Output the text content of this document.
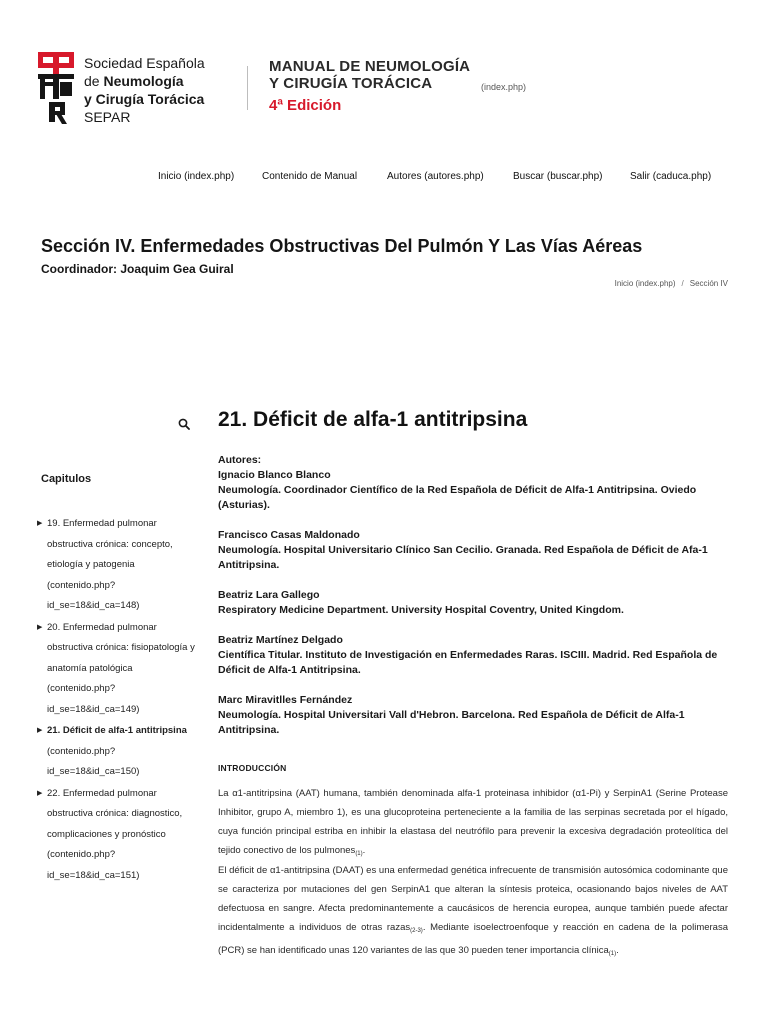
Sociedad Española
de Neumología
y Cirugía Torácica
SEPAR
MANUAL DE NEUMOLOGÍA
Y CIRUGÍA TORÁCICA
4ª Edición
(index.php)
Inicio (index.php)	Contenido de Manual	Autores (autores.php)	Buscar (buscar.php)	Salir (caduca.php)
Sección IV. Enfermedades Obstructivas Del Pulmón Y Las Vías Aéreas
Coordinador: Joaquim Gea Guiral
Inicio (index.php) / Sección IV
Capitulos
▶ 19. Enfermedad pulmonar obstructiva crónica: concepto, etiología y patogenia (contenido.php?id_se=18&id_ca=148)
▶ 20. Enfermedad pulmonar obstructiva crónica: fisiopatología y anatomía patológica (contenido.php?id_se=18&id_ca=149)
▶ 21. Déficit de alfa-1 antitripsina (contenido.php?id_se=18&id_ca=150)
▶ 22. Enfermedad pulmonar obstructiva crónica: diagnostico, complicaciones y pronóstico (contenido.php?id_se=18&id_ca=151)
21. Déficit de alfa-1 antitripsina
Autores:
Ignacio Blanco Blanco
Neumología. Coordinador Científico de la Red Española de Déficit de Alfa-1 Antitripsina. Oviedo (Asturias).
Francisco Casas Maldonado
Neumología. Hospital Universitario Clínico San Cecilio. Granada. Red Española de Déficit de Afa-1 Antitripsina.
Beatriz Lara Gallego
Respiratory Medicine Department. University Hospital Coventry, United Kingdom.
Beatriz Martínez Delgado
Científica Titular. Instituto de Investigación en Enfermedades Raras. ISCIII. Madrid. Red Española de Déficit de Alfa-1 Antitripsina.
Marc Miravitlles Fernández
Neumología. Hospital Universitari Vall d'Hebron. Barcelona. Red Española de Déficit de Alfa-1 Antitripsina.
INTRODUCCIÓN

La α1-antitripsina (AAT) humana, también denominada alfa-1 proteinasa inhibidor (α1-Pi) y SerpinA1 (Serine Protease Inhibitor, grupo A, miembro 1), es una glucoproteina perteneciente a la familia de las serpinas secretada por el hígado, cuya función principal estriba en inhibir la elastasa del neutrófilo para prevenir la excesiva degradación proteolítica del tejido conectivo de los pulmones$_{(1)}$.

El déficit de α1-antitripsina (DAAT) es una enfermedad genética infrecuente de transmisión autosómica codominante que se caracteriza por mutaciones del gen SerpinA1 que alteran la síntesis proteica, ocasionando bajos niveles de AAT defectuosa en sangre. Afecta predominantemente a caucásicos de herencia europea, aunque también puede afectar incidentalmente a individuos de otras razas$_{(2-3)}$. Mediante isoelectroenfoque y reacción en cadena de la polimerasa (PCR) se han identificado unas 120 variantes de las que 30 pueden tener importancia clínica$_{(1)}$.
